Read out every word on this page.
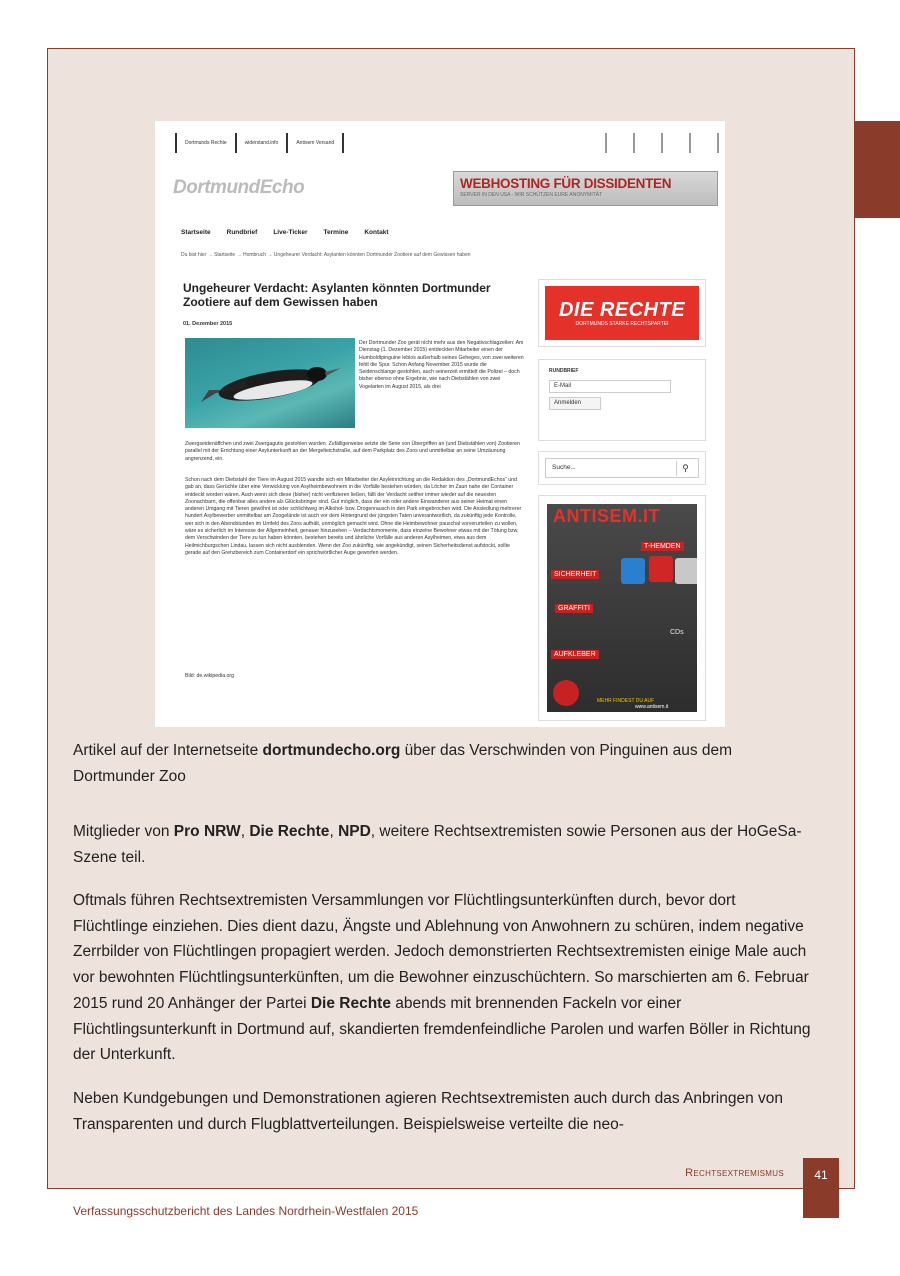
Dortmunds Rechte	widerstand.info	Antisem Versand
DortmundEcho	WEBHOSTING FÜR DISSIDENTEN
SERVER IN DEN USA - WIR SCHÜTZEN EURE ANONYMITÄT
Startseite Rundbrief Live-Ticker Termine Kontakt
Du bist hier → Startseite → Hombruch → Ungeheurer Verdacht: Asylanten könnten Dortmunder Zootiere auf dem Gewissen haben
Ungeheurer Verdacht: Asylanten könnten Dortmunder Zootiere auf dem Gewissen haben
01. Dezember 2015
Der Dortmunder Zoo gerät nicht mehr aus den Negativschlagzeilen: Am Dienstag (1. Dezember 2015) entdeckten Mitarbeiter einen der Humboldtpinguine leblos außerhalb seines Geheges, von zwei weiteren fehlt die Spur. Schon Anfang November 2015 wurde die Seidenschlange gestohlen, auch seinerzeit ermittelt die Polizei – doch bisher ebenso ohne Ergebnis, wie nach Diebstählen von zwei Vogelarten im August 2015, als drei
Zwergseidenäffchen und zwei Zwergagutis gestohlen wurden. Zufälligerweise setzte die Serie von Übergriffen an (und Diebstählen von) Zootieren parallel mit der Errichtung einer Asylunterkunft an der Mergelteichstraße, auf dem Parkplatz des Zoos und unmittelbar an seine Umzäunung angrenzend, ein.
Schon nach dem Diebstahl der Tiere im August 2015 wandte sich ein Mitarbeiter der Asyleinrichtung an die Redaktion des „DortmundEchos“ und gab an, dass Gerüchte über eine Verwicklung von Asylheimbewohnern in die Vorfälle bestehen würden, da Löcher im Zaun nahe der Container entdeckt worden wären. Auch wenn sich diese (bisher) nicht verifizieren ließen, fällt der Verdacht seither immer wieder auf die neuesten Zoonachbarn, die offenbar alles andere als Glücksbringer sind. Gut möglich, dass der ein oder andere Einwanderer aus seiner Heimat einen anderen Umgang mit Tieren gewöhnt ist oder schlichtweg im Alkohol- bzw. Drogenrausch in den Park eingebrochen wird. Die Ansiedlung mehrerer hundert Asylbewerber unmittelbar am Zoogelände ist auch vor dem Hintergrund der jüngsten Taten unverantwortlich, da zukünftig jede Kontrolle, wer sich in den Abendstunden im Umfeld des Zoos aufhält, unmöglich gemacht wird. Ohne die Heimbewohner pauschal vorverurteilen zu wollen, wäre es sicherlich im Interesse der Allgemeinheit, genauer hinzusehen – Verdachtsmomente, dass einzelne Bewohner etwas mit der Tötung bzw. dem Verschwinden der Tiere zu tun haben könnten, bestehen bereits und ähnliche Vorfälle aus anderen Asylheimen, etwa aus dem Heilmichburgschen Lindau, lassen sich nicht ausblenden. Wenn der Zoo zukünftig, wie angekündigt, seinen Sicherheitsdienst aufstockt, sollte gerade auf den Grenzbereich zum Containerdorf ein sprichwörtlicher Auge geworfen werden.
Bild: de.wikipedia.org
DIE RECHTE
DORTMUNDS STARKE RECHTSPARTEI
RUNDBRIEF
E-Mail
Anmelden
Suche...	⚲
ANTISEM.IT
T-HEMDEN
SICHERHEIT
GRAFFITI
CDs
AUFKLEBER
MEHR FINDEST DU AUF
www.antisem.it
Artikel auf der Internetseite dortmundecho.org über das Verschwinden von Pinguinen aus dem Dortmunder Zoo
Mitglieder von Pro NRW, Die Rechte, NPD, weitere Rechtsextremisten sowie Personen aus der HoGeSa-Szene teil.
Oftmals führen Rechtsextremisten Versammlungen vor Flüchtlingsunterkünften durch, bevor dort Flüchtlinge einziehen. Dies dient dazu, Ängste und Ablehnung von Anwohnern zu schüren, indem negative Zerrbilder von Flüchtlingen propagiert werden. Jedoch demonstrierten Rechtsextremisten einige Male auch vor bewohnten Flüchtlingsunterkünften, um die Bewohner einzuschüchtern. So marschierten am 6. Februar 2015 rund 20 Anhänger der Partei Die Rechte abends mit brennenden Fackeln vor einer Flüchtlingsunterkunft in Dortmund auf, skandierten fremdenfeindliche Parolen und warfen Böller in Richtung der Unterkunft.
Neben Kundgebungen und Demonstrationen agieren Rechtsextremisten auch durch das Anbringen von Transparenten und durch Flugblattverteilungen. Beispielsweise verteilte die neo-
Rechtsextremismus	41
Verfassungsschutzbericht des Landes Nordrhein-Westfalen 2015
